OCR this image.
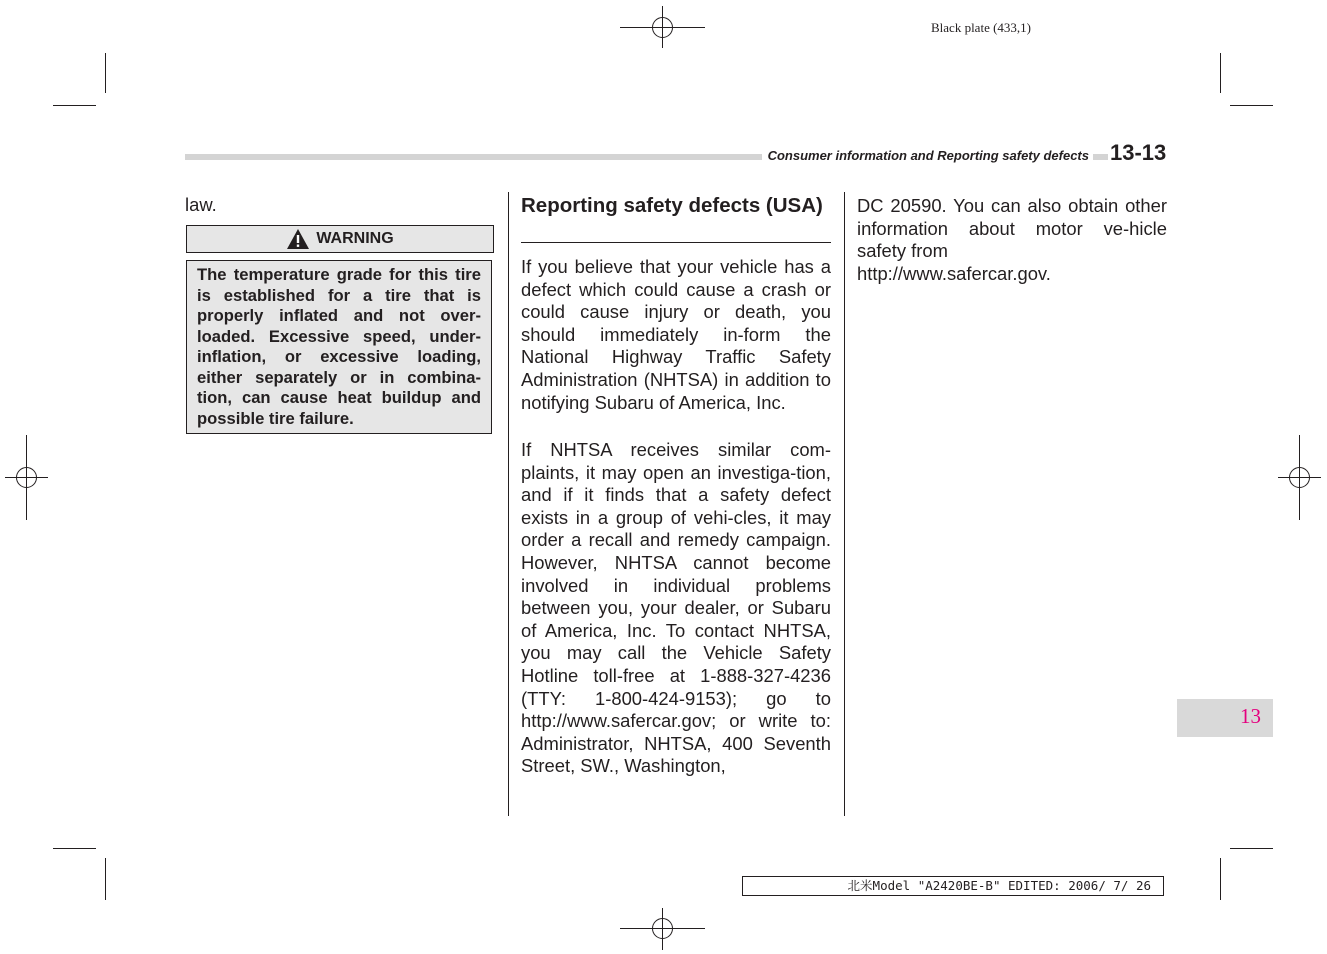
Black plate (433,1)
Consumer information and Reporting safety defects 13-13
law.
WARNING
The temperature grade for this tire is established for a tire that is properly inflated and not over-loaded. Excessive speed, under-inflation, or excessive loading, either separately or in combina-tion, can cause heat buildup and possible tire failure.
Reporting safety defects (USA)
If you believe that your vehicle has a defect which could cause a crash or could cause injury or death, you should immediately in-form the National Highway Traffic Safety Administration (NHTSA) in addition to notifying Subaru of America, Inc.
If NHTSA receives similar com-plaints, it may open an investiga-tion, and if it finds that a safety defect exists in a group of vehi-cles, it may order a recall and remedy campaign. However, NHTSA cannot become involved in individual problems between you, your dealer, or Subaru of America, Inc. To contact NHTSA, you may call the Vehicle Safety Hotline toll-free at 1-888-327-4236 (TTY: 1-800-424-9153); go to http://www.safercar.gov; or write to: Administrator, NHTSA, 400 Seventh Street, SW., Washington,
DC 20590. You can also obtain other information about motor ve-hicle safety from
http://www.safercar.gov.
13
北米Model "A2420BE-B" EDITED: 2006/ 7/ 26
